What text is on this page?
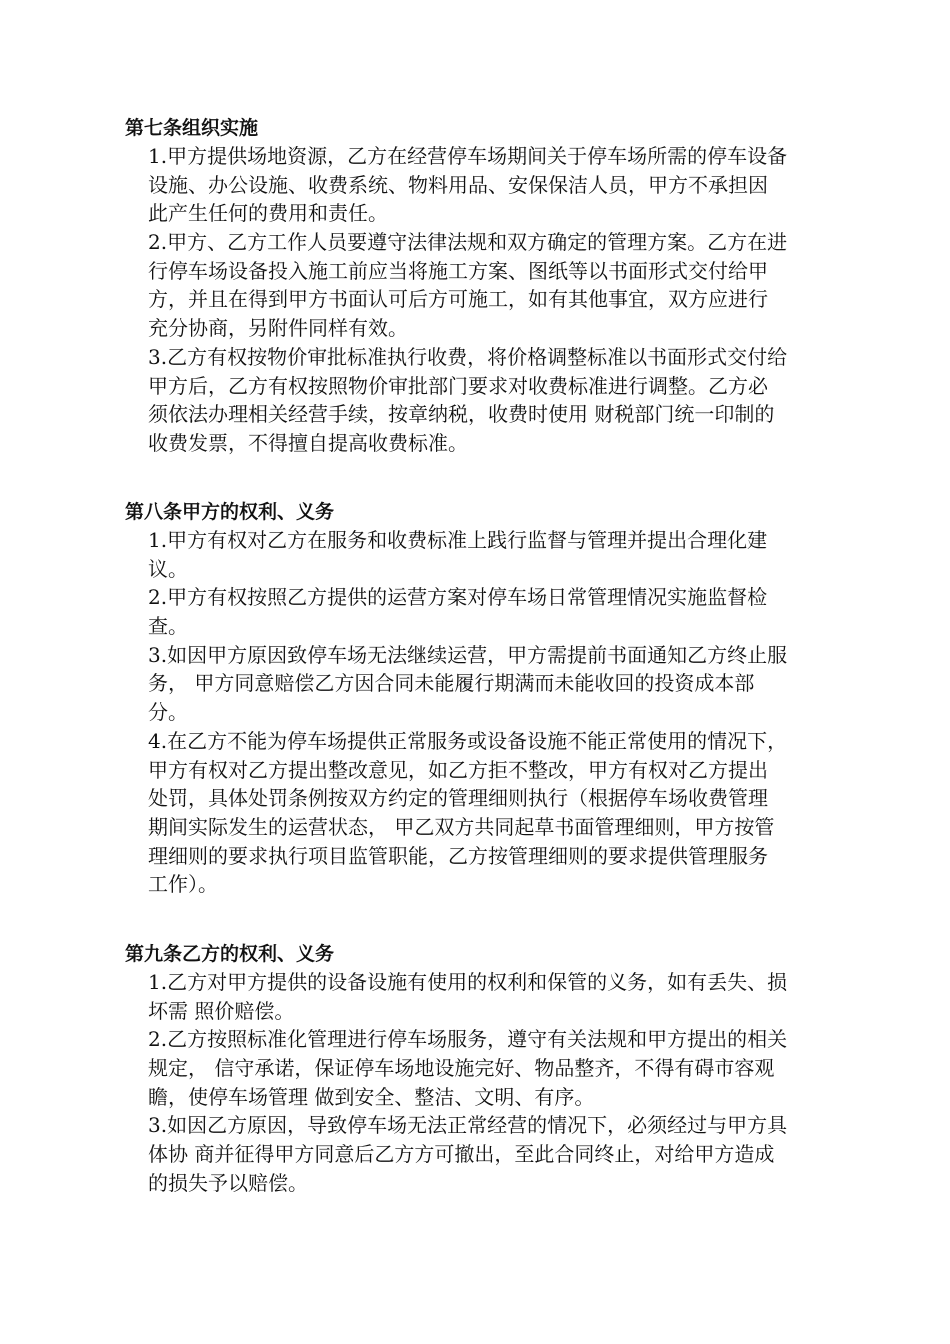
第七条组织实施
1.甲方提供场地资源，乙方在经营停车场期间关于停车场所需的停车设备
设施、办公设施、收费系统、物料用品、安保保洁人员，甲方不承担因
此产生任何的费用和责任。
2.甲方、乙方工作人员要遵守法律法规和双方确定的管理方案。乙方在进
行停车场设备投入施工前应当将施工方案、图纸等以书面形式交付给甲
方，并且在得到甲方书面认可后方可施工，如有其他事宜，双方应进行
充分协商，另附件同样有效。
3.乙方有权按物价审批标准执行收费，将价格调整标准以书面形式交付给
甲方后，乙方有权按照物价审批部门要求对收费标准进行调整。乙方必
须依法办理相关经营手续，按章纳税，收费时使用 财税部门统一印制的
收费发票，不得擅自提高收费标准。
第八条甲方的权利、义务
1.甲方有权对乙方在服务和收费标准上践行监督与管理并提出合理化建
议。
2.甲方有权按照乙方提供的运营方案对停车场日常管理情况实施监督检
查。
3.如因甲方原因致停车场无法继续运营，甲方需提前书面通知乙方终止服
务， 甲方同意赔偿乙方因合同未能履行期满而未能收回的投资成本部
分。
4.在乙方不能为停车场提供正常服务或设备设施不能正常使用的情况下，
甲方有权对乙方提出整改意见，如乙方拒不整改，甲方有权对乙方提出
处罚，具体处罚条例按双方约定的管理细则执行（根据停车场收费管理
期间实际发生的运营状态， 甲乙双方共同起草书面管理细则，甲方按管
理细则的要求执行项目监管职能，乙方按管理细则的要求提供管理服务
工作）。
第九条乙方的权利、义务
1.乙方对甲方提供的设备设施有使用的权利和保管的义务，如有丢失、损
坏需 照价赔偿。
2.乙方按照标准化管理进行停车场服务，遵守有关法规和甲方提出的相关
规定， 信守承诺，保证停车场地设施完好、物品整齐，不得有碍市容观
瞻，使停车场管理 做到安全、整洁、文明、有序。
3.如因乙方原因，导致停车场无法正常经营的情况下，必须经过与甲方具
体协 商并征得甲方同意后乙方方可撤出，至此合同终止，对给甲方造成
的损失予以赔偿。
